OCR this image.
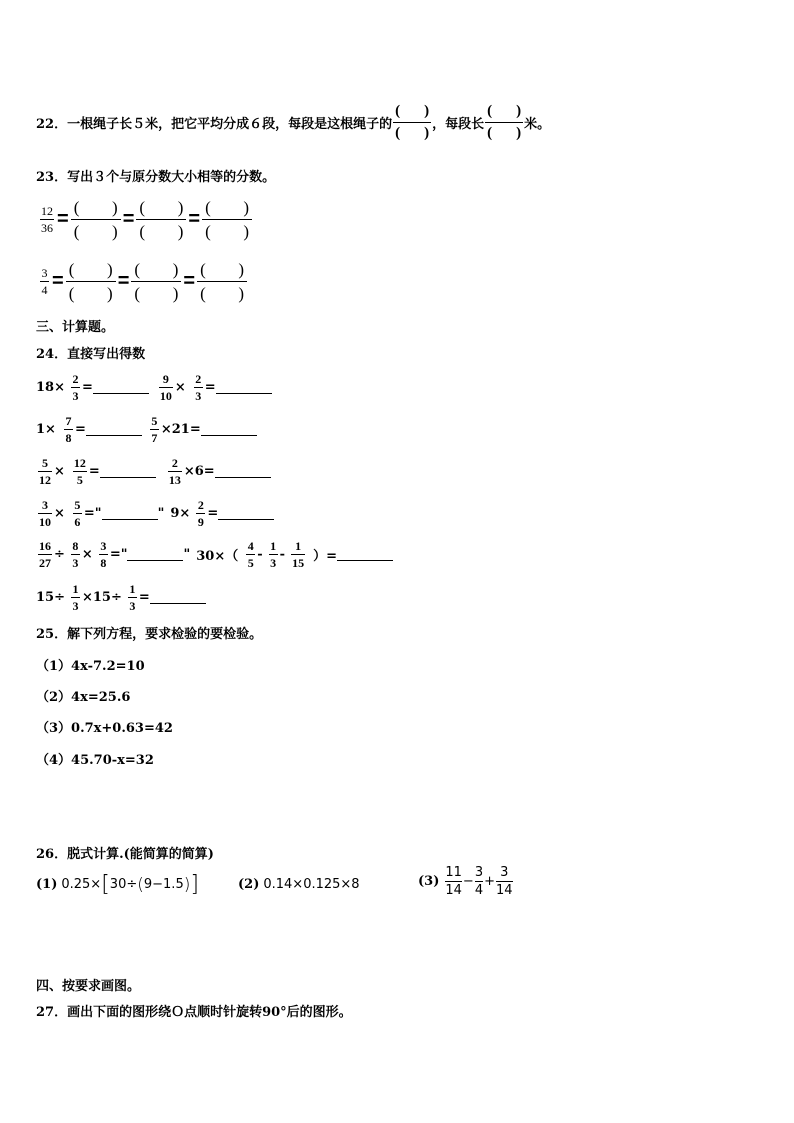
22．一根绳子长５米，把它平均分成６段，每段是这根绳子的 $\frac{( )}{( )}$ ，每段长 $\frac{( )}{( )}$ 米。
23．写出３个与原分数大小相等的分数。
$\frac{12}{36} = \frac{( )}{( )} = \frac{( )}{( )} = \frac{( )}{( )}$
$\frac{3}{4} = \frac{( )}{( )} = \frac{( )}{( )} = \frac{( )}{( )}$
三、计算题。
24．直接写出得数
$18\times \frac{2}{3}$ =	$\frac{9}{10} \times \frac{2}{3}$ =
$1\times \frac{7}{8}$ =	$\frac{5}{7} \times 21=$
$\frac{5}{12} \times \frac{12}{5}$ =	$\frac{2}{13} \times 6=$
$\frac{3}{10} \times \frac{5}{6}$ ="	" $9\times \frac{2}{9}$ =
$\frac{16}{27} \div \frac{8}{3} \times \frac{3}{8}$ ="	" $30\times( \frac{4}{5} - \frac{1}{3} - \frac{1}{15}$ ）=
$15\div \frac{1}{3} \times 15\div \frac{1}{3}$ =
25．解下列方程，要求检验的要检验。
（1）4x-7.2=10
（2）4x=25.6
（3）0.7x+0.63=42
（4）45.70-x=32
26．脱式计算.(能简算的简算)
(1) 0.25× [ 30÷ ( 9−1.5 ) ]	(2) 0.14×0.125×8	(3)
11
14
−
3
4
+
3
14
四、按要求画图。
27．画出下面的图形绕Ｏ点顺时针旋转90°后的图形。
